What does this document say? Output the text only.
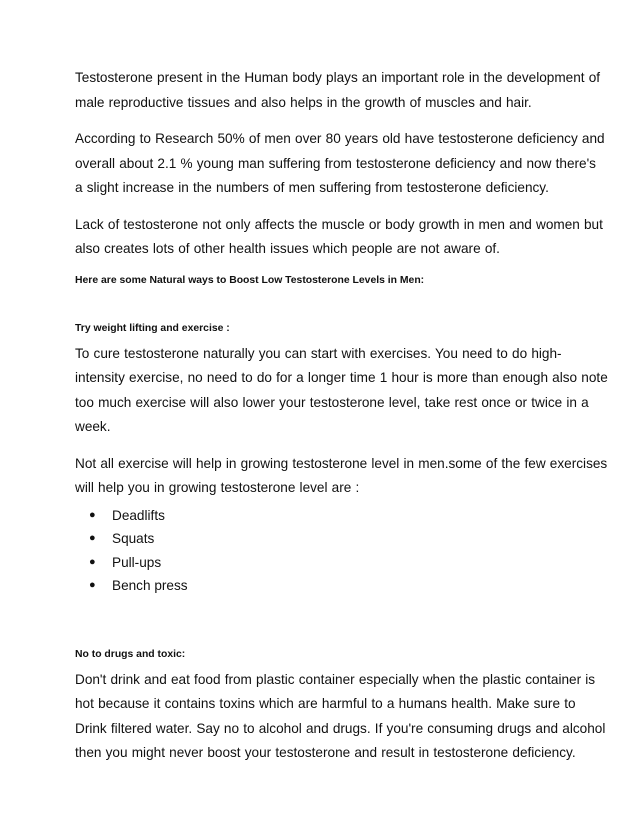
Testosterone present in the Human body plays an important role in the development of
male reproductive tissues and also helps in the growth of muscles and hair.

According to Research 50% of men over 80 years old have testosterone deficiency and
overall about 2.1 % young man suffering from testosterone deficiency and now there's
a slight increase in the numbers of men suffering from testosterone deficiency.

Lack of testosterone not only affects the muscle or body growth in men and women but
also creates lots of other health issues which people are not aware of.

Here are some Natural ways to Boost Low Testosterone Levels in Men:

Try weight lifting and exercise :

To cure testosterone naturally you can start with exercises. You need to do high-
intensity exercise, no need to do for a longer time 1 hour is more than enough also note
too much exercise will also lower your testosterone level, take rest once or twice in a
week.

Not all exercise will help in growing testosterone level in men.some of the few exercises
will help you in growing testosterone level are :

● Deadlifts
● Squats
● Pull-ups
● Bench press

No to drugs and toxic:

Don't drink and eat food from plastic container especially when the plastic container is
hot because it contains toxins which are harmful to a humans health. Make sure to
Drink filtered water. Say no to alcohol and drugs. If you're consuming drugs and alcohol
then you might never boost your testosterone and result in testosterone deficiency.
